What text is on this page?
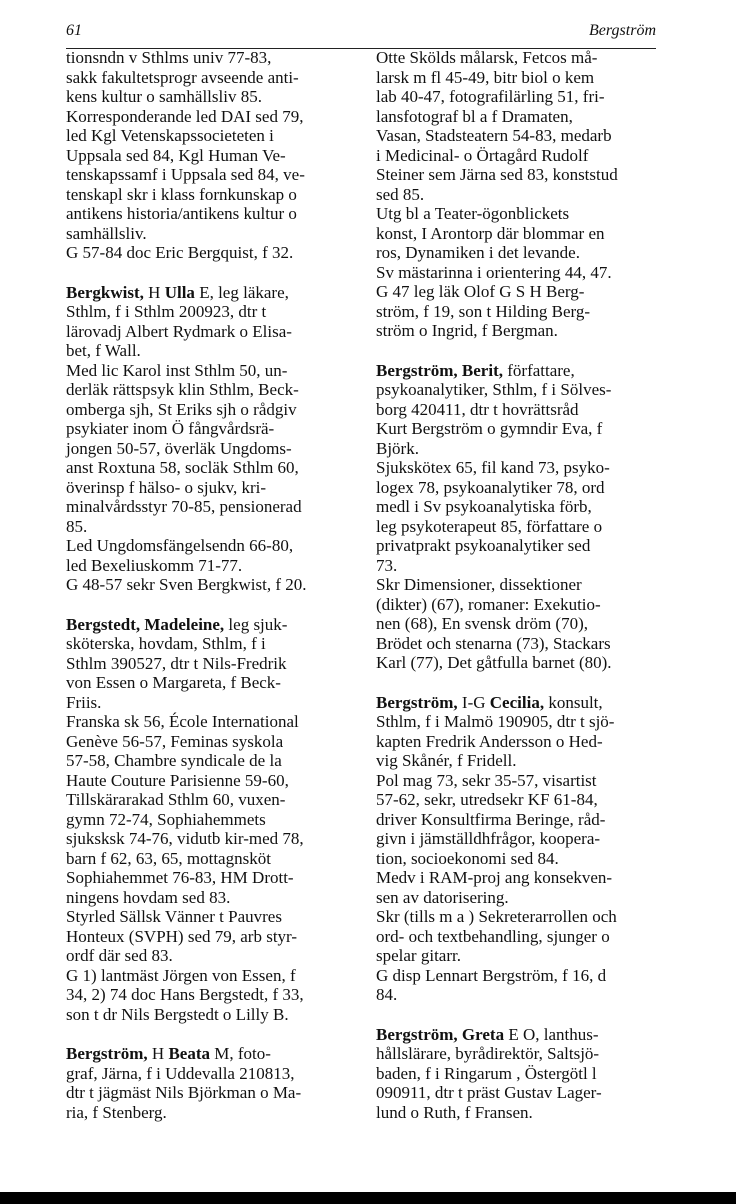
61	Bergström
tionsndn v Sthlms univ 77-83,
sakk fakultetsprogr avseende anti-
kens kultur o samhällsliv 85.
Korresponderande led DAI sed 79,
led Kgl Vetenskapssocieteten i
Uppsala sed 84, Kgl Human Ve-
tenskapssamf i Uppsala sed 84, ve-
tenskapl skr i klass fornkunskap o
antikens historia/antikens kultur o
samhällsliv.
G 57-84 doc Eric Bergquist, f 32.
Bergkwist, H Ulla E, leg läkare,
Sthlm, f i Sthlm 200923, dtr t
lärovadj Albert Rydmark o Elisa-
bet, f Wall.
Med lic Karol inst Sthlm 50, un-
derläk rättspsyk klin Sthlm, Beck-
omberga sjh, St Eriks sjh o rådgiv
psykiater inom Ö fångvårdsrä-
jongen 50-57, överläk Ungdoms-
anst Roxtuna 58, socläk Sthlm 60,
överinsp f hälso- o sjukv, kri-
minalvårdsstyr 70-85, pensionerad
85.
Led Ungdomsfängelsendn 66-80,
led Bexeliuskomm 71-77.
G 48-57 sekr Sven Bergkwist, f 20.
Bergstedt, Madeleine, leg sjuk-
sköterska, hovdam, Sthlm, f i
Sthlm 390527, dtr t Nils-Fredrik
von Essen o Margareta, f Beck-
Friis.
Franska sk 56, École International
Genève 56-57, Feminas syskola
57-58, Chambre syndicale de la
Haute Couture Parisienne 59-60,
Tillskärarakad Sthlm 60, vuxen-
gymn 72-74, Sophiahemmets
sjuksksk 74-76, vidutb kir-med 78,
barn f 62, 63, 65, mottagnsköt
Sophiahemmet 76-83, HM Drott-
ningens hovdam sed 83.
Styrled Sällsk Vänner t Pauvres
Honteux (SVPH) sed 79, arb styr-
ordf där sed 83.
G 1) lantmäst Jörgen von Essen, f
34, 2) 74 doc Hans Bergstedt, f 33,
son t dr Nils Bergstedt o Lilly B.
Bergström, H Beata M, foto-
graf, Järna, f i Uddevalla 210813,
dtr t jägmäst Nils Björkman o Ma-
ria, f Stenberg.
Otte Skölds målarsk, Fetcos må-
larsk m fl 45-49, bitr biol o kem
lab 40-47, fotografilärling 51, fri-
lansfotograf bl a f Dramaten,
Vasan, Stadsteatern 54-83, medarb
i Medicinal- o Örtagård Rudolf
Steiner sem Järna sed 83, konststud
sed 85.
Utg bl a Teater-ögonblickets
konst, I Arontorp där blommar en
ros, Dynamiken i det levande.
Sv mästarinna i orientering 44, 47.
G 47 leg läk Olof G S H Berg-
ström, f 19, son t Hilding Berg-
ström o Ingrid, f Bergman.
Bergström, Berit, författare,
psykoanalytiker, Sthlm, f i Sölves-
borg 420411, dtr t hovrättsråd
Kurt Bergström o gymndir Eva, f
Björk.
Sjukskötex 65, fil kand 73, psyko-
logex 78, psykoanalytiker 78, ord
medl i Sv psykoanalytiska förb,
leg psykoterapeut 85, författare o
privatprakt psykoanalytiker sed
73.
Skr Dimensioner, dissektioner
(dikter) (67), romaner: Exekutio-
nen (68), En svensk dröm (70),
Brödet och stenarna (73), Stackars
Karl (77), Det gåtfulla barnet (80).
Bergström, I-G Cecilia, konsult,
Sthlm, f i Malmö 190905, dtr t sjö-
kapten Fredrik Andersson o Hed-
vig Skånér, f Fridell.
Pol mag 73, sekr 35-57, visartist
57-62, sekr, utredsekr KF 61-84,
driver Konsultfirma Beringe, råd-
givn i jämställdhfrågor, koopera-
tion, socioekonomi sed 84.
Medv i RAM-proj ang konsekven-
sen av datorisering.
Skr (tills m a ) Sekreterarrollen och
ord- och textbehandling, sjunger o
spelar gitarr.
G disp Lennart Bergström, f 16, d
84.
Bergström, Greta E O, lanthus-
hållslärare, byrådirektör, Saltsjö-
baden, f i Ringarum , Östergötl l
090911, dtr t präst Gustav Lager-
lund o Ruth, f Fransen.
